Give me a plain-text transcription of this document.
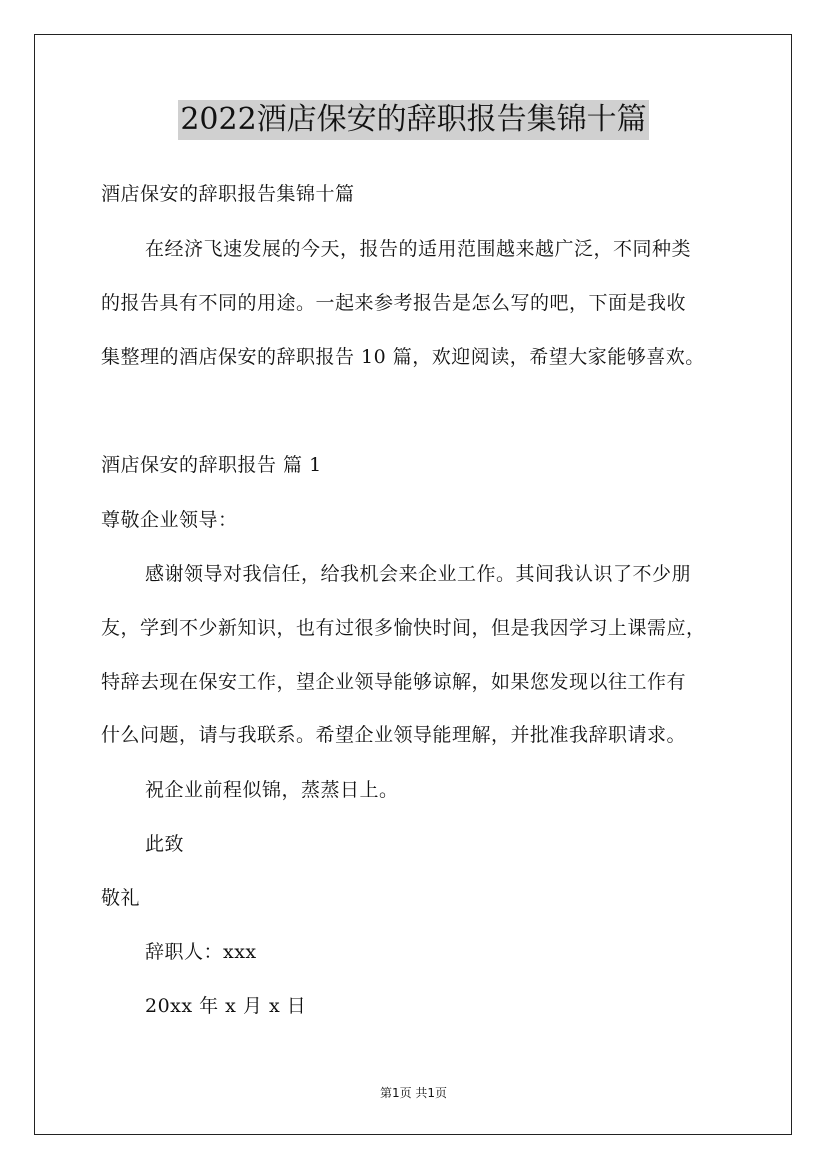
2022酒店保安的辞职报告集锦十篇
酒店保安的辞职报告集锦十篇
在经济飞速发展的今天，报告的适用范围越来越广泛，不同种类
的报告具有不同的用途。一起来参考报告是怎么写的吧，下面是我收
集整理的酒店保安的辞职报告 10 篇，欢迎阅读，希望大家能够喜欢。
酒店保安的辞职报告 篇 1
尊敬企业领导：
感谢领导对我信任，给我机会来企业工作。其间我认识了不少朋
友，学到不少新知识，也有过很多愉快时间，但是我因学习上课需应，
特辞去现在保安工作，望企业领导能够谅解，如果您发现以往工作有
什么问题，请与我联系。希望企业领导能理解，并批准我辞职请求。
祝企业前程似锦，蒸蒸日上。
此致
敬礼
辞职人：xxx
20xx 年 x 月 x 日
第1页 共1页
